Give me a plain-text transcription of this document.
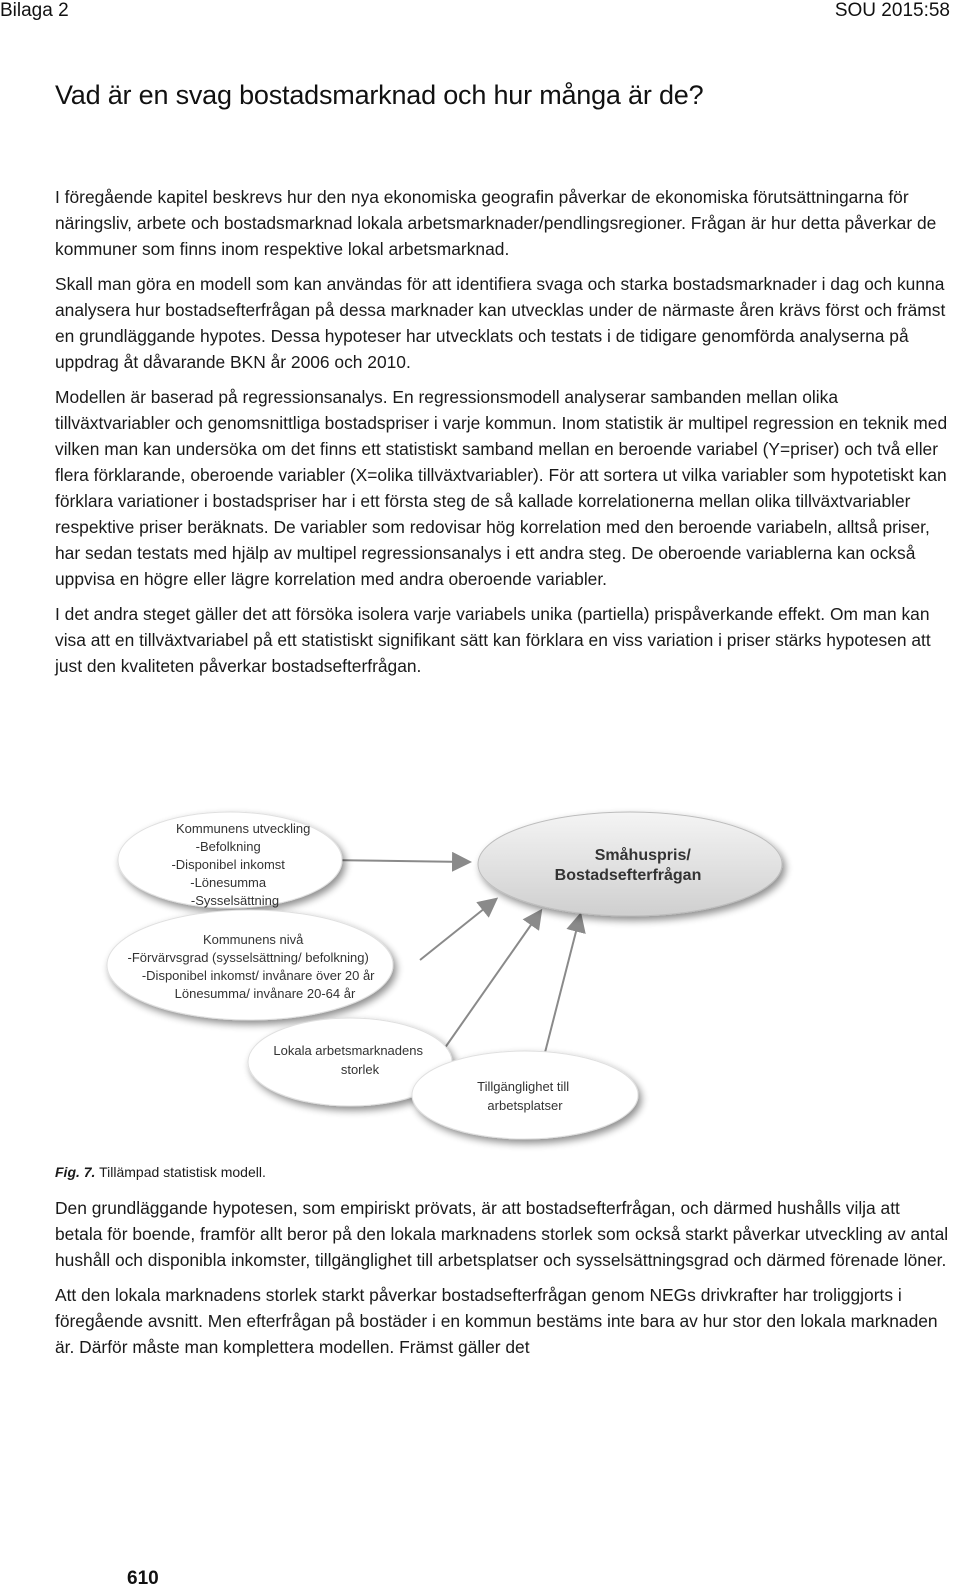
Bilaga 2	SOU 2015:58
Vad är en svag bostadsmarknad och hur många är de?

I föregående kapitel beskrevs hur den nya ekonomiska geografin påverkar de ekonomiska förutsättningarna för näringsliv, arbete och bostadsmarknad lokala arbetsmarknader/pendlingsregioner. Frågan är hur detta påverkar de kommuner som finns inom respektive lokal arbetsmarknad.

Skall man göra en modell som kan användas för att identifiera svaga och starka bostadsmarknader i dag och kunna analysera hur bostadsefterfrågan på dessa marknader kan utvecklas under de närmaste åren krävs först och främst en grundläggande hypotes. Dessa hypoteser har utvecklats och testats i de tidigare genomförda analyserna på uppdrag åt dåvarande BKN år 2006 och 2010.

Modellen är baserad på regressionsanalys. En regressionsmodell analyserar sambanden mellan olika tillväxtvariabler och genomsnittliga bostadspriser i varje kommun. Inom statistik är multipel regression en teknik med vilken man kan undersöka om det finns ett statistiskt samband mellan en beroende variabel (Y=priser) och två eller flera förklarande, oberoende variabler (X=olika tillväxtvariabler). För att sortera ut vilka variabler som hypotetiskt kan förklara variationer i bostadspriser har i ett första steg de så kallade korrelationerna mellan olika tillväxtvariabler respektive priser beräknats. De variabler som redovisar hög korrelation med den beroende variabeln, alltså priser, har sedan testats med hjälp av multipel regressionsanalys i ett andra steg. De oberoende variablerna kan också uppvisa en högre eller lägre korrelation med andra oberoende variabler.

I det andra steget gäller det att försöka isolera varje variabels unika (partiella) prispåverkande effekt. Om man kan visa att en tillväxtvariabel på ett statistiskt signifikant sätt kan förklara en viss variation i priser stärks hypotesen att just den kvaliteten påverkar bostadsefterfrågan.

Kommunens utveckling -Befolkning -Disponibel inkomst -Lönesumma -Sysselsättning
Kommunens nivå -Förvärvsgrad (sysselsättning/ befolkning) -Disponibel inkomst/ invånare över 20 år Lönesumma/ invånare 20-64 år
Lokala arbetsmarknadens storlek
Tillgänglighet till arbetsplatser
Småhuspris/ Bostadsefterfrågan
Fig. 7. Tillämpad statistisk modell.

Den grundläggande hypotesen, som empiriskt prövats, är att bostadsefterfrågan, och därmed hushålls vilja att betala för boende, framför allt beror på den lokala marknadens storlek som också starkt påverkar utveckling av antal hushåll och disponibla inkomster, tillgänglighet till arbetsplatser och sysselsättningsgrad och därmed förenade löner.

Att den lokala marknadens storlek starkt påverkar bostadsefterfrågan genom NEGs drivkrafter har troliggjorts i föregående avsnitt. Men efterfrågan på bostäder i en kommun bestäms inte bara av hur stor den lokala marknaden är. Därför måste man komplettera modellen. Främst gäller det

610
